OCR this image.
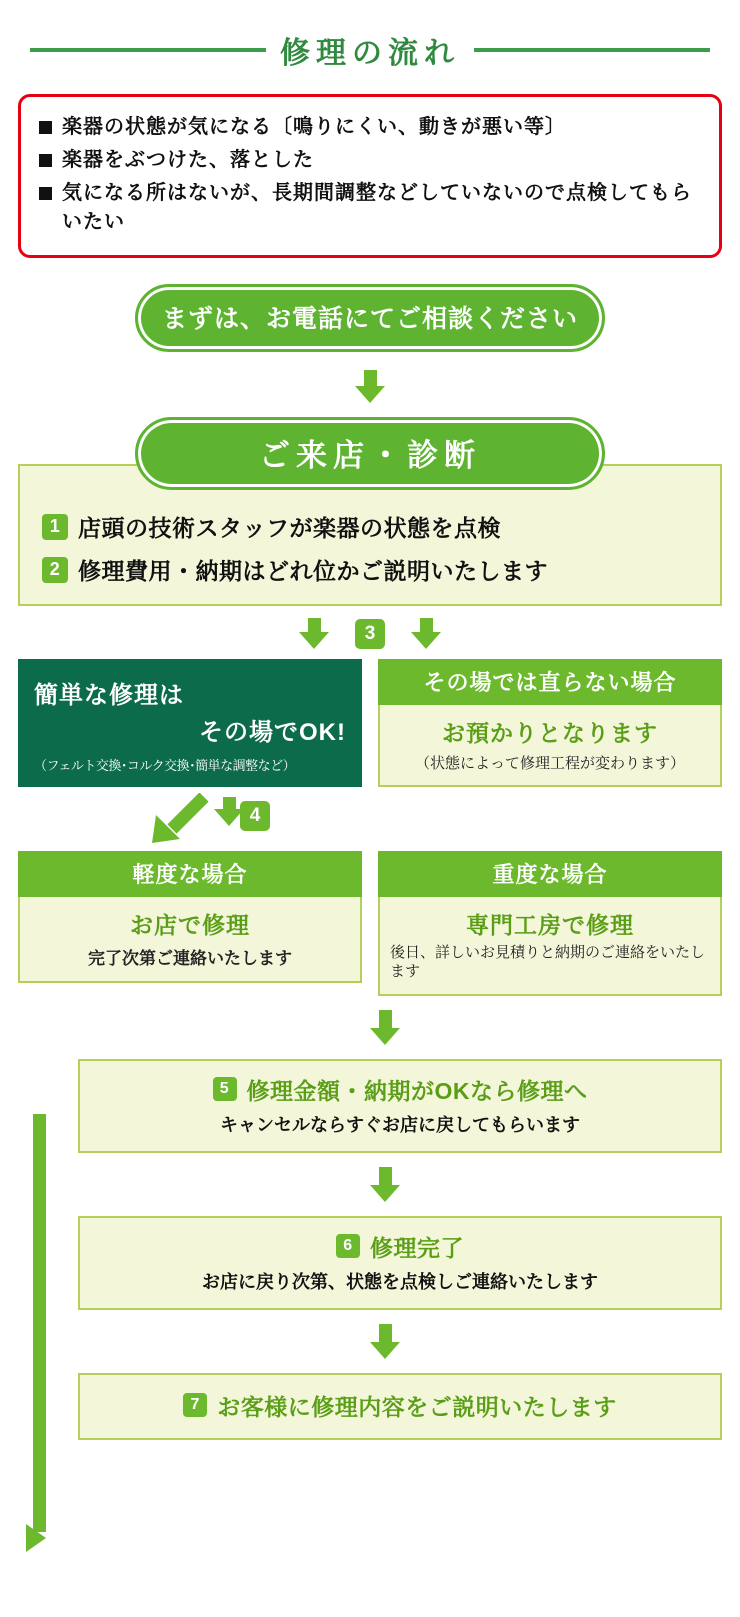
修理の流れ
楽器の状態が気になる〔鳴りにくい、動きが悪い等〕
楽器をぶつけた、落とした
気になる所はないが、長期間調整などしていないので点検してもらいたい
まずは、お電話にてご相談ください
ご来店・診断
1 店頭の技術スタッフが楽器の状態を点検
2 修理費用・納期はどれ位かご説明いたします
3
簡単な修理は
その場でOK!
（フェルト交換･コルク交換･簡単な調整など）
その場では直らない場合
お預かりとなります
（状態によって修理工程が変わります）
4
軽度な場合
お店で修理
完了次第ご連絡いたします
重度な場合
専門工房で修理
後日、詳しいお見積りと納期のご連絡をいたします
5 修理金額・納期がOKなら修理へ
キャンセルならすぐお店に戻してもらいます
6 修理完了
お店に戻り次第、状態を点検しご連絡いたします
7 お客様に修理内容をご説明いたします
